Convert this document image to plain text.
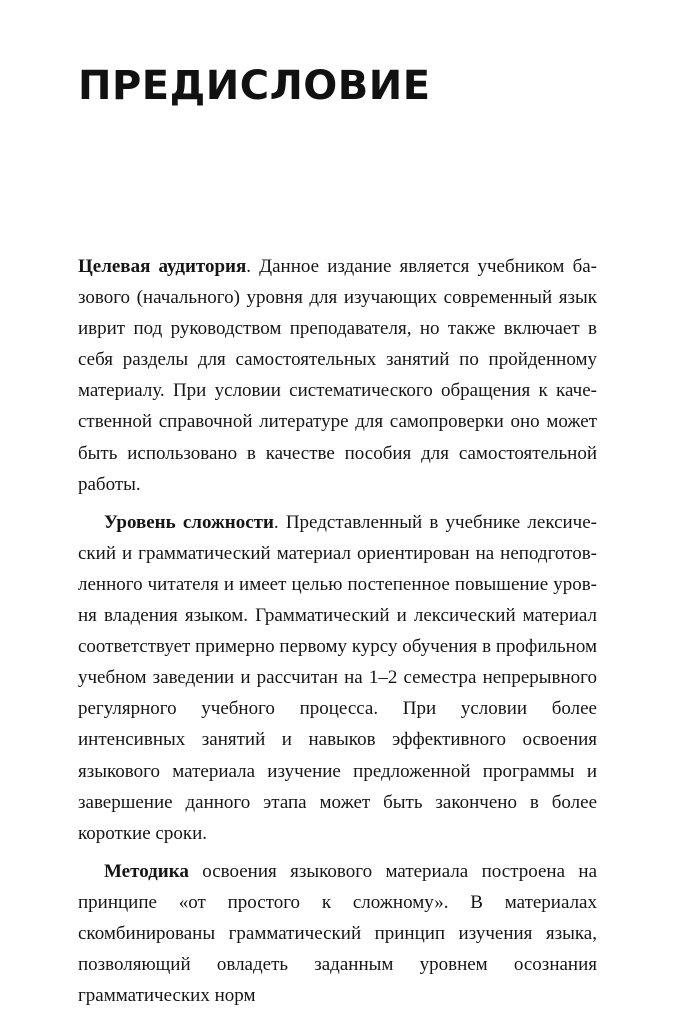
ПРЕДИСЛОВИЕ

Целевая аудитория. Данное издание является учебником базового (начального) уровня для изучающих современный язык иврит под руководством преподавателя, но также включает в себя разделы для самостоятельных занятий по пройденному материалу. При условии систематического обращения к качественной справочной литературе для самопроверки оно может быть использовано в качестве пособия для самостоятельной работы.

Уровень сложности. Представленный в учебнике лексический и грамматический материал ориентирован на неподготовленного читателя и имеет целью постепенное повышение уровня владения языком. Грамматический и лексический материал соответствует примерно первому курсу обучения в профильном учебном заведении и рассчитан на 1–2 семестра непрерывного регулярного учебного процесса. При условии более интенсивных занятий и навыков эффективного освоения языкового материала изучение предложенной программы и завершение данного этапа может быть закончено в более короткие сроки.

Методика освоения языкового материала построена на принципе «от простого к сложному». В материалах скомбинированы грамматический принцип изучения языка, позволяющий овладеть заданным уровнем осознания грамматических норм
